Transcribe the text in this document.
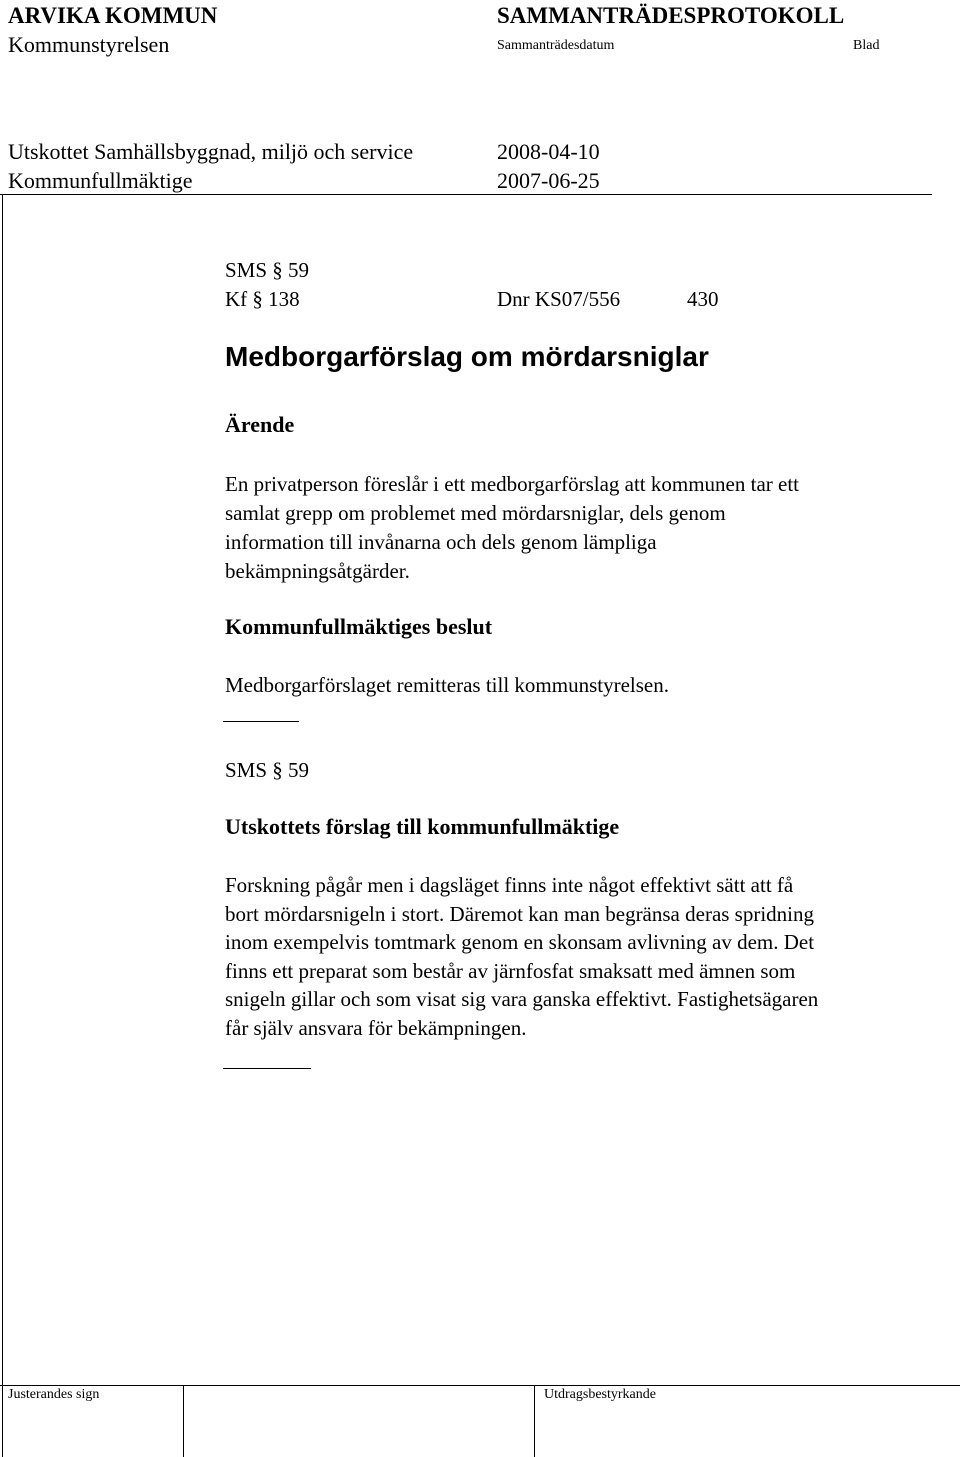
ARVIKA KOMMUN
Kommunstyrelsen
SAMMANTRÄDESPROTOKOLL
Sammanträdesdatum	Blad
Utskottet Samhällsbyggnad, miljö och service	2008-04-10
Kommunfullmäktige	2007-06-25
SMS § 59
Kf § 138	Dnr KS07/556	430
Medborgarförslag om mördarsniglar
Ärende
En privatperson föreslår i ett medborgarförslag att kommunen tar ett
samlat grepp om problemet med mördarsniglar, dels genom
information till invånarna och dels genom lämpliga
bekämpningsåtgärder.
Kommunfullmäktiges beslut
Medborgarförslaget remitteras till kommunstyrelsen.
SMS § 59
Utskottets förslag till kommunfullmäktige
Forskning pågår men i dagsläget finns inte något effektivt sätt att få
bort mördarsnigeln i stort. Däremot kan man begränsa deras spridning
inom exempelvis tomtmark genom en skonsam avlivning av dem. Det
finns ett preparat som består av järnfosfat smaksatt med ämnen som
snigeln gillar och som visat sig vara ganska effektivt. Fastighetsägaren
får själv ansvara för bekämpningen.
Justerandes sign	Utdragsbestyrkande
